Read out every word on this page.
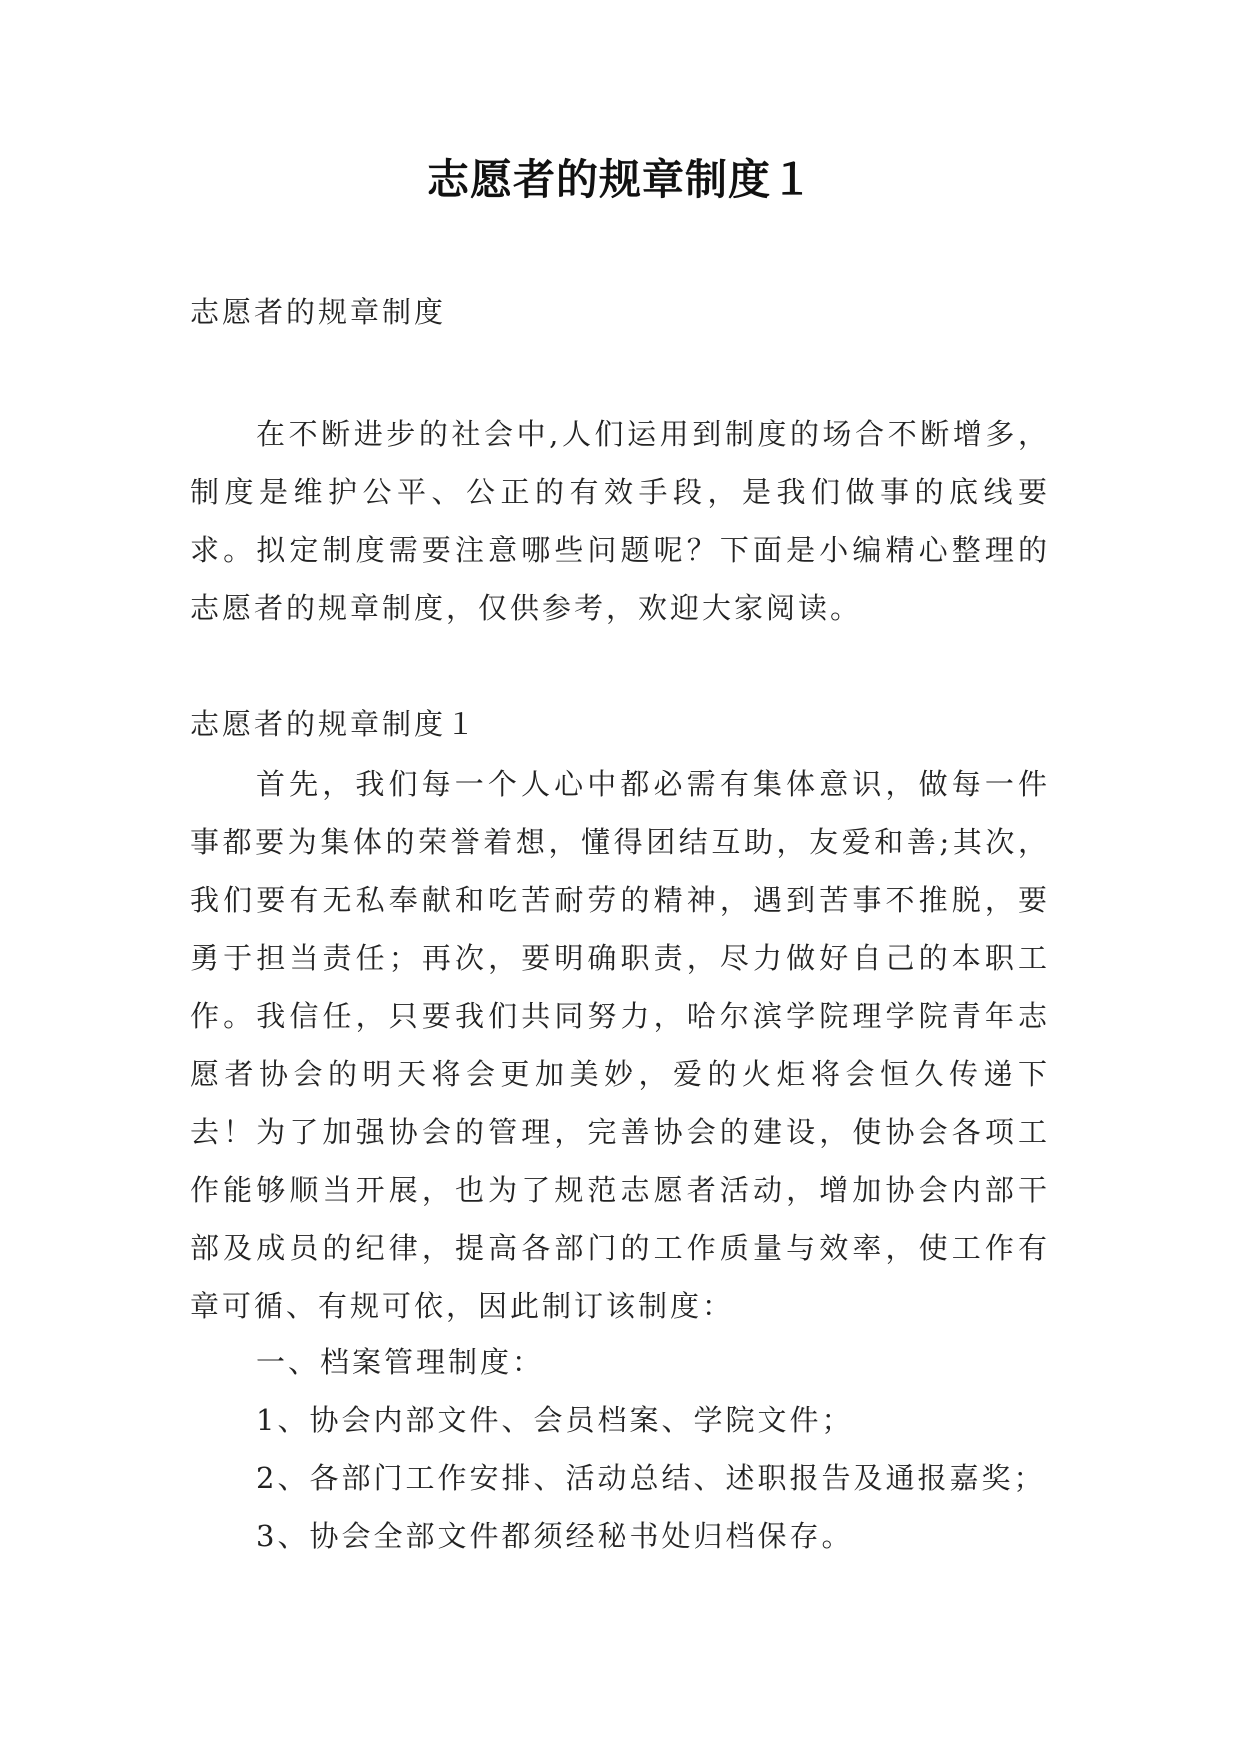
志愿者的规章制度１
志愿者的规章制度

在不断进步的社会中,人们运用到制度的场合不断增多，制度是维护公平、公正的有效手段，是我们做事的底线要求。拟定制度需要注意哪些问题呢？下面是小编精心整理的志愿者的规章制度，仅供参考，欢迎大家阅读。

志愿者的规章制度１

首先，我们每一个人心中都必需有集体意识，做每一件事都要为集体的荣誉着想，懂得团结互助，友爱和善;其次，我们要有无私奉献和吃苦耐劳的精神，遇到苦事不推脱，要勇于担当责任；再次，要明确职责，尽力做好自己的本职工作。我信任，只要我们共同努力，哈尔滨学院理学院青年志愿者协会的明天将会更加美妙，爱的火炬将会恒久传递下去！为了加强协会的管理，完善协会的建设，使协会各项工作能够顺当开展，也为了规范志愿者活动，增加协会内部干部及成员的纪律，提高各部门的工作质量与效率，使工作有章可循、有规可依，因此制订该制度：

一、档案管理制度：
1、协会内部文件、会员档案、学院文件；
2、各部门工作安排、活动总结、述职报告及通报嘉奖；
3、协会全部文件都须经秘书处归档保存。
